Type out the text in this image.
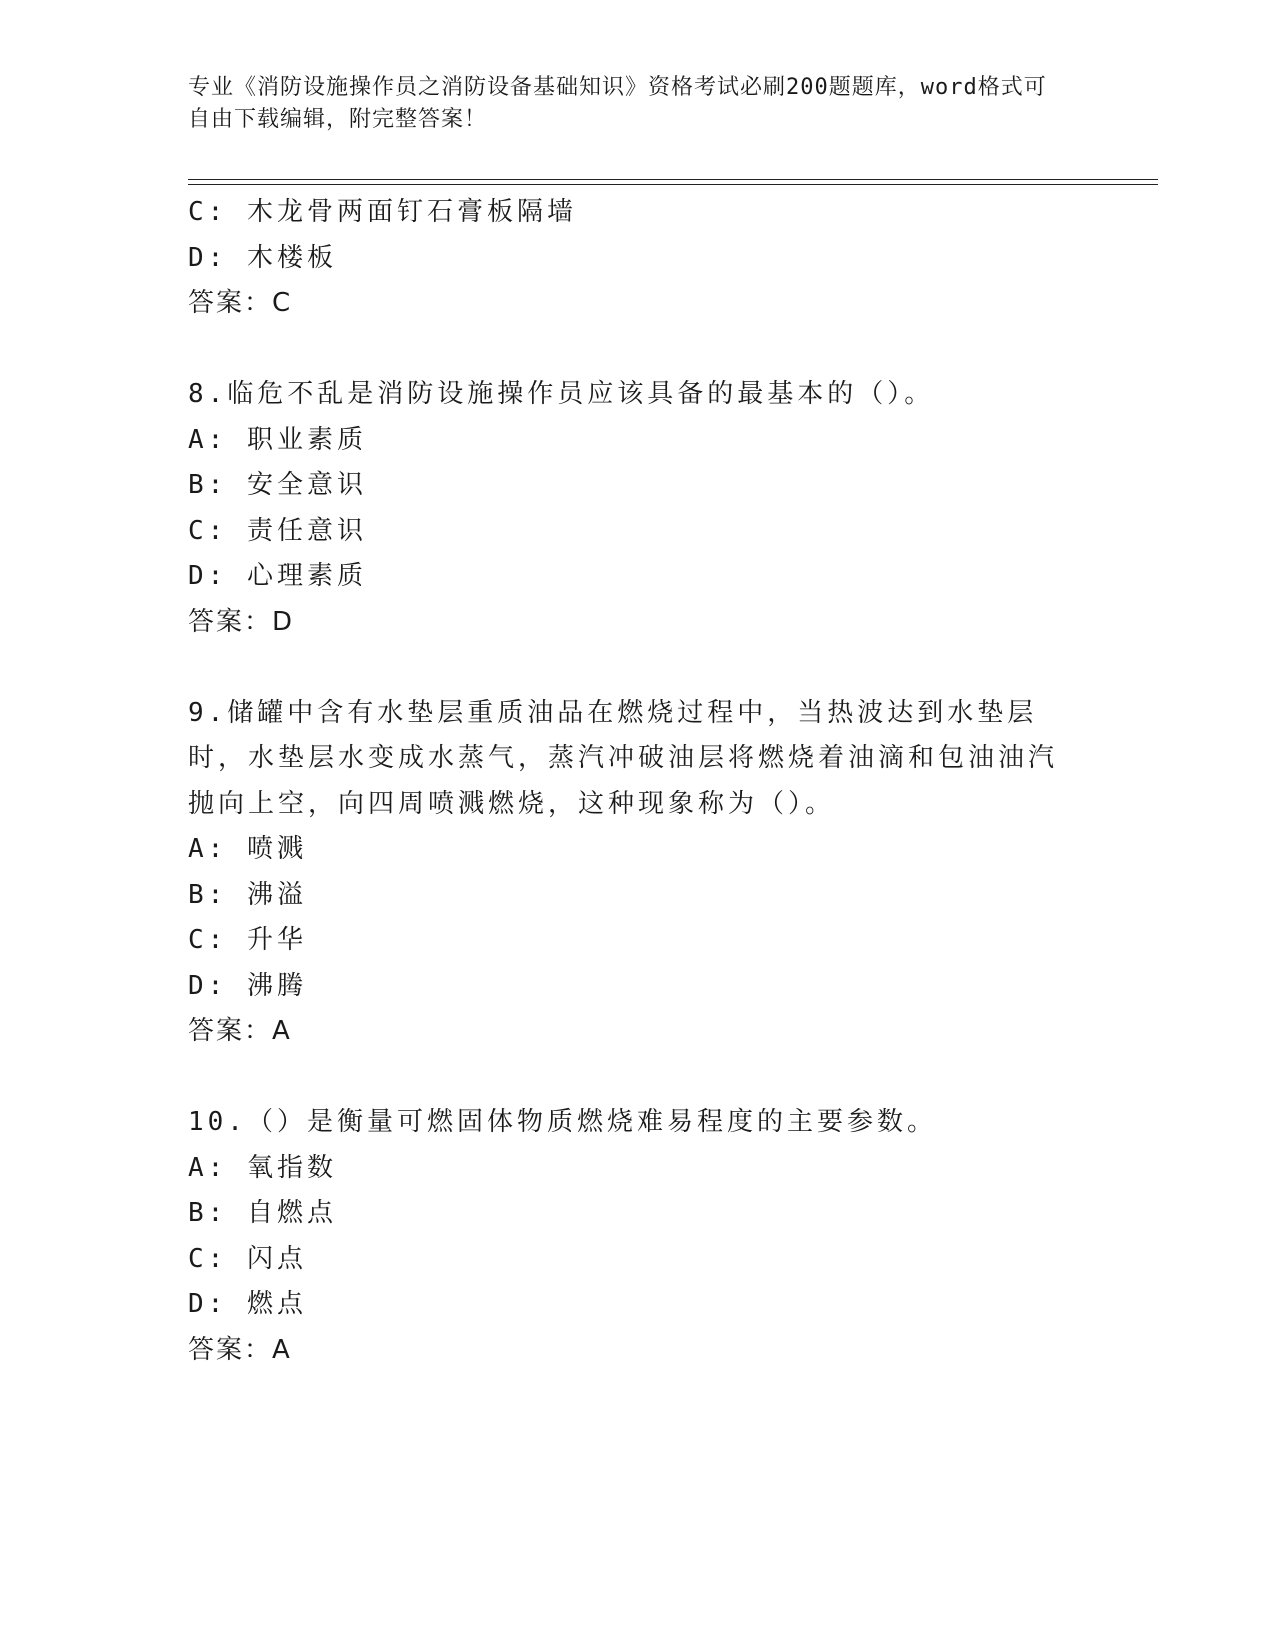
专业《消防设施操作员之消防设备基础知识》资格考试必刷200题题库，word格式可自由下载编辑，附完整答案！
C: 木龙骨两面钉石膏板隔墙
D: 木楼板
答案：C
8.临危不乱是消防设施操作员应该具备的最基本的（）。
A: 职业素质
B: 安全意识
C: 责任意识
D: 心理素质
答案：D
9.储罐中含有水垫层重质油品在燃烧过程中，当热波达到水垫层时，水垫层水变成水蒸气，蒸汽冲破油层将燃烧着油滴和包油油汽抛向上空，向四周喷溅燃烧，这种现象称为（）。
A: 喷溅
B: 沸溢
C: 升华
D: 沸腾
答案：A
10.（）是衡量可燃固体物质燃烧难易程度的主要参数。
A: 氧指数
B: 自燃点
C: 闪点
D: 燃点
答案：A
